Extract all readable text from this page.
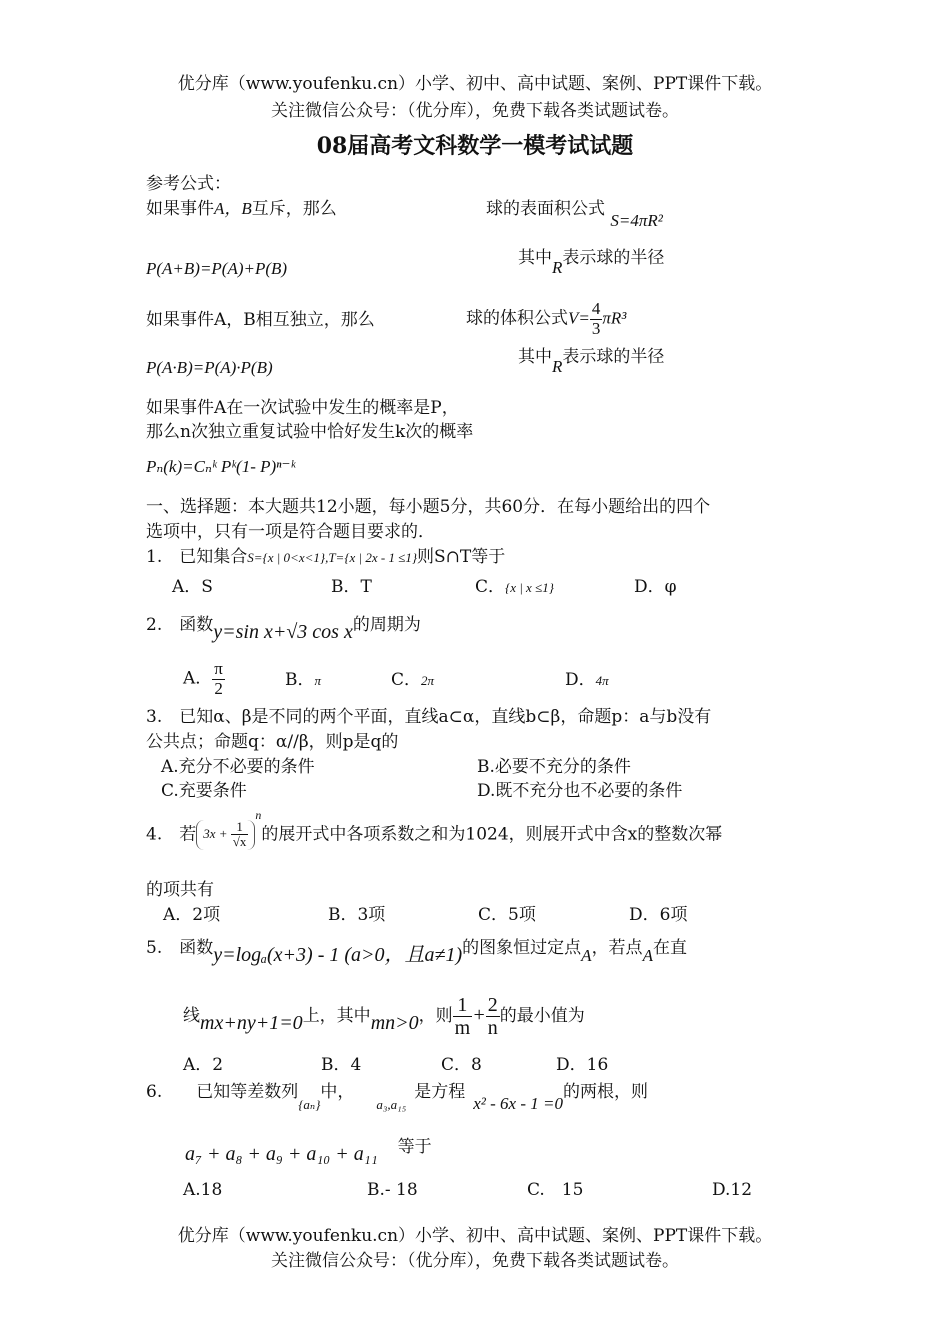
优分库（www.youfenku.cn）小学、初中、高中试题、案例、PPT课件下载。
关注微信公众号：（优分库），免费下载各类试题试卷。
08届高考文科数学一模考试试题
参考公式：
如果事件A，B互斥，那么	球的表面积公式 S=4πR²
P(A+B)=P(A)+P(B)
其中R表示球的半径
如果事件A，B相互独立，那么	球的体积公式$V= \frac{4}{3} \pi R^3$
P(A·B)=P(A)·P(B)
其中R表示球的半径
如果事件A在一次试验中发生的概率是P，
那么n次独立重复试验中恰好发生k次的概率
Pₙ(k)=Cₙᵏ Pᵏ(1- P)ⁿ⁻ᵏ
一、选择题：本大题共12小题，每小题5分，共60分．在每小题给出的四个
选项中，只有一项是符合题目要求的．
1.　已知集合S={x | 0<x<1},T={x | 2x - 1 ≤1}则S∩T等于
A．S	B．T	C．{x | x ≤1}	D．φ
2.　函数y=sin x+√3 cos x的周期为
A． $\frac{\pi}{2}$	B．π	C．2π	D．4π
3.　已知α、β是不同的两个平面，直线a⊂α，直线b⊂β，命题p：a与b没有
公共点；命题q：α//β，则p是q的
A.充分不必要的条件	B.必要不充分的条件
C.充要条件	D.既不充分也不必要的条件
4.　若 $3x + \frac{1}{√x}$
$^n$的展开式中各项系数之和为1024，则展开式中含x的整数次幂
的项共有
A．2项	B．3项	C．5项	D．6项
5.　函数y=logₐ(x+3) - 1 (a>0，且a≠1)的图象恒过定点A，若点A在直
线mx+ny+1=0上，其中mn>0，则 $\frac{1}{m} + \frac{2}{n}$ 的最小值为
A．2	B．4	C．8	D．16
6.　　已知等差数列$_{\{a_n\}}$中，$_{a_3,a_{15}}$是方程x² - 6x - 1 =0的两根，则
a₇ + a₈ + a₉ + a₁₀ + a₁₁ 等于
A.18	B.- 18	C.　15	D.12
优分库（www.youfenku.cn）小学、初中、高中试题、案例、PPT课件下载。
关注微信公众号：（优分库），免费下载各类试题试卷。
